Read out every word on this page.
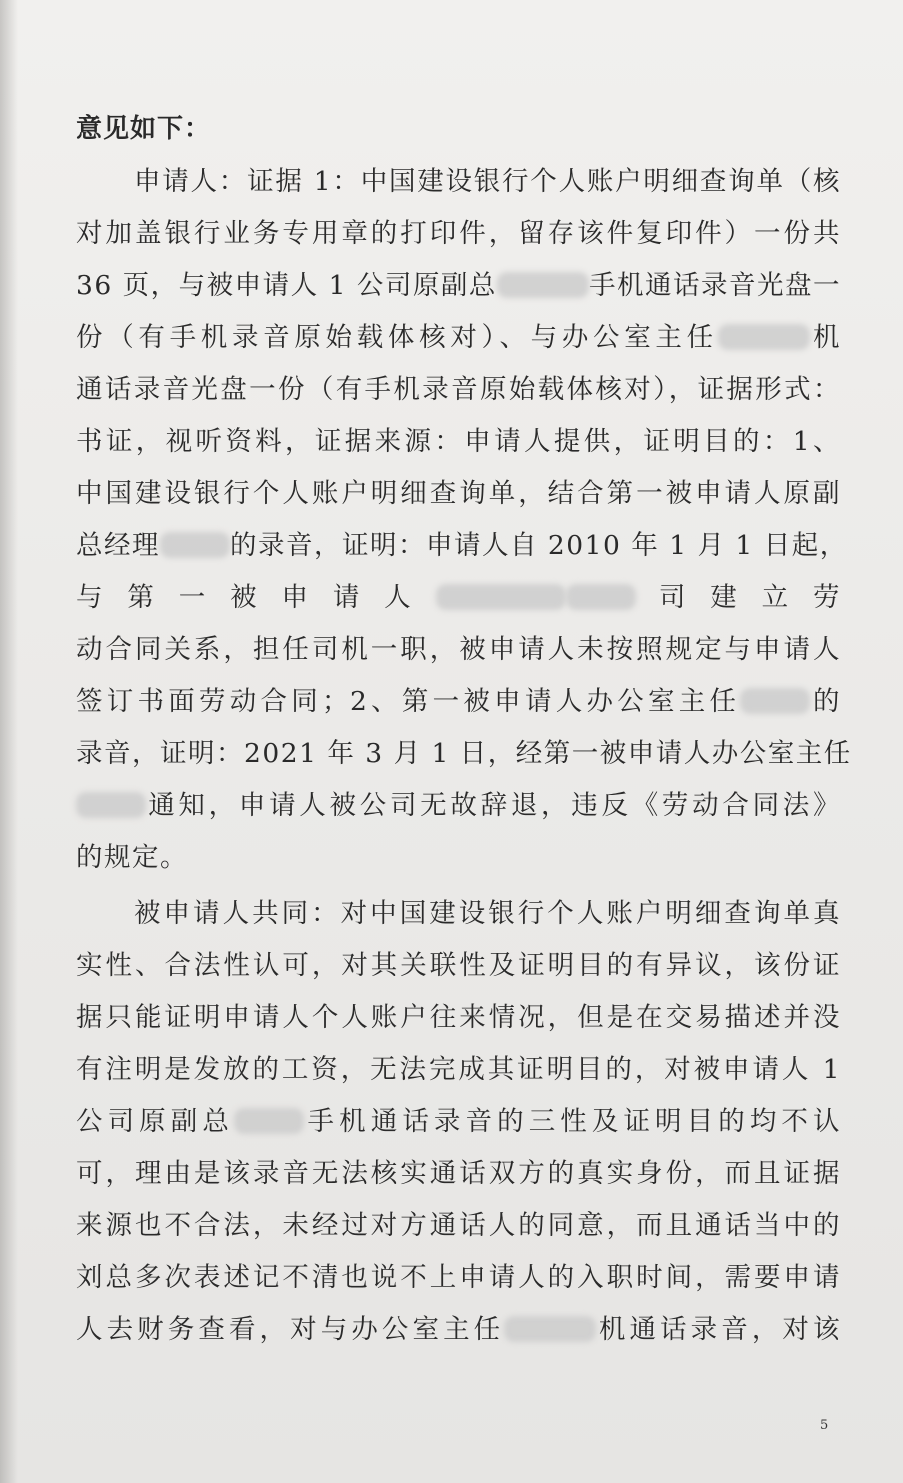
意见如下：
申请人：证据 1：中国建设银行个人账户明细查询单（核
对加盖银行业务专用章的打印件，留存该件复印件）一份共
36 页，与被申请人 1 公司原副总	手机通话录音光盘一
份（有手机录音原始载体核对）、与办公室主任	机
通话录音光盘一份（有手机录音原始载体核对），证据形式：
书证，视听资料，证据来源：申请人提供，证明目的：1、
中国建设银行个人账户明细查询单，结合第一被申请人原副
总经理	的录音，证明：申请人自 2010 年 1 月 1 日起，
与第一被申请人	司建立劳
动合同关系，担任司机一职，被申请人未按照规定与申请人
签订书面劳动合同；2、第一被申请人办公室主任	的
录音，证明：2021 年 3 月 1 日，经第一被申请人办公室主任
通知，申请人被公司无故辞退，违反《劳动合同法》
的规定。
被申请人共同：对中国建设银行个人账户明细查询单真
实性、合法性认可，对其关联性及证明目的有异议，该份证
据只能证明申请人个人账户往来情况，但是在交易描述并没
有注明是发放的工资，无法完成其证明目的，对被申请人 1
公司原副总	手机通话录音的三性及证明目的均不认
可，理由是该录音无法核实通话双方的真实身份，而且证据
来源也不合法，未经过对方通话人的同意，而且通话当中的
刘总多次表述记不清也说不上申请人的入职时间，需要申请
人去财务查看，对与办公室主任	机通话录音，对该
5
